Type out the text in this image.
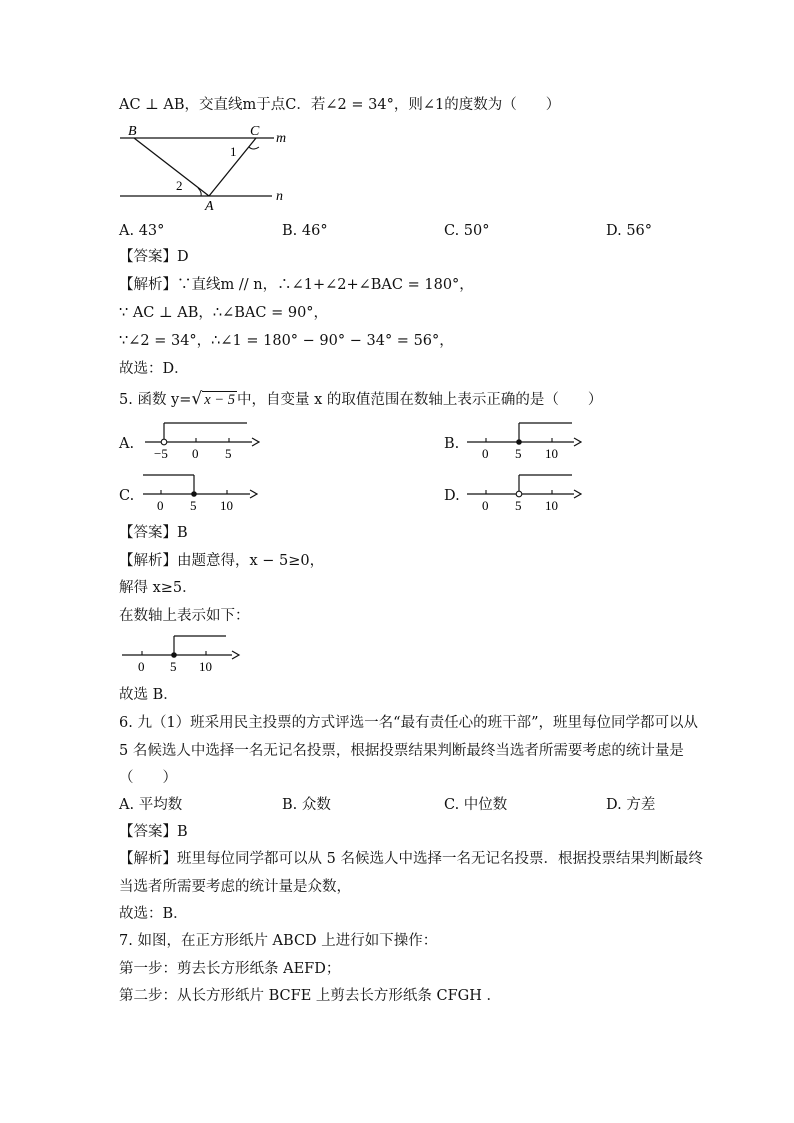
AC ⊥ AB，交直线m于点C．若∠2 = 34°，则∠1的度数为（　　）
B	C m
A
n
1
2
A. 43°	B. 46°	C. 50°	D. 56°
【答案】D
【解析】∵直线m // n，∴∠1+∠2+∠BAC = 180°，
∵ AC ⊥ AB，∴∠BAC = 90°，
∵∠2 = 34°，∴∠1 = 180° − 90° − 34° = 56°，
故选：D．
5. 函数 y=√ x − 5 中，自变量 x 的取值范围在数轴上表示正确的是（　　）
A.
−5 0 5
B.
0 5 10
C.
0 5 10
D.
0 5 10
【答案】B
【解析】由题意得，x − 5≥0，
解得 x≥5．
在数轴上表示如下：
0 5 10
故选 B．
6. 九（1）班采用民主投票的方式评选一名“最有责任心的班干部”，班里每位同学都可以从
5 名候选人中选择一名无记名投票，根据投票结果判断最终当选者所需要考虑的统计量是
（　　）
A. 平均数	B. 众数	C. 中位数	D. 方差
【答案】B
【解析】班里每位同学都可以从 5 名候选人中选择一名无记名投票．根据投票结果判断最终
当选者所需要考虑的统计量是众数，
故选：B．
7. 如图，在正方形纸片 ABCD 上进行如下操作：
第一步：剪去长方形纸条 AEFD；
第二步：从长方形纸片 BCFE 上剪去长方形纸条 CFGH ．
